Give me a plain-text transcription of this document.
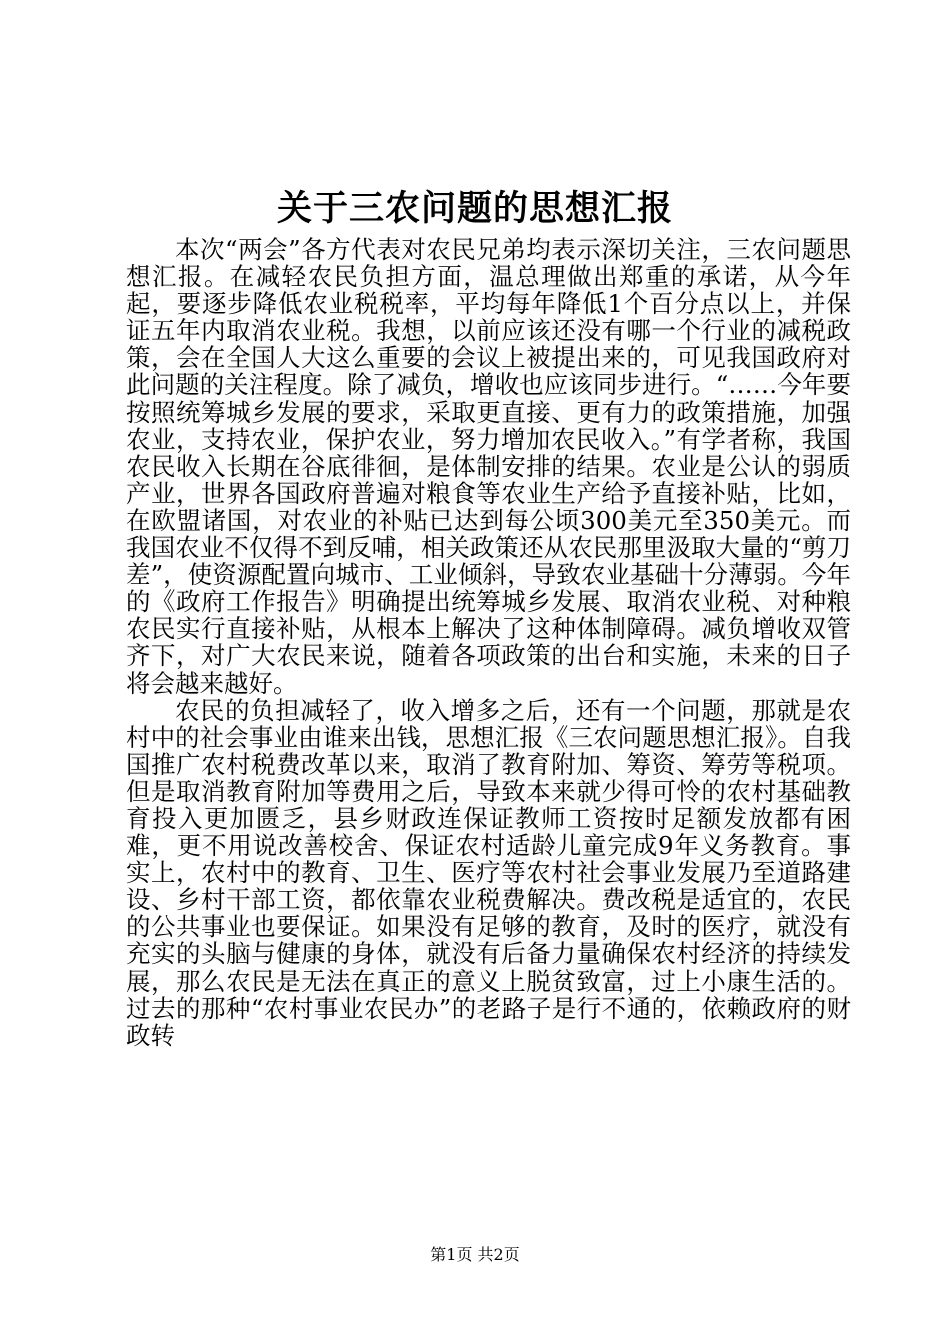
关于三农问题的思想汇报

本次“两会”各方代表对农民兄弟均表示深切关注，三农问题思想汇报。在减轻农民负担方面，温总理做出郑重的承诺，从今年起，要逐步降低农业税税率，平均每年降低1个百分点以上，并保证五年内取消农业税。我想，以前应该还没有哪一个行业的减税政策，会在全国人大这么重要的会议上被提出来的，可见我国政府对此问题的关注程度。除了减负，增收也应该同步进行。“……今年要按照统筹城乡发展的要求，采取更直接、更有力的政策措施，加强农业，支持农业，保护农业，努力增加农民收入。”有学者称，我国农民收入长期在谷底徘徊，是体制安排的结果。农业是公认的弱质产业，世界各国政府普遍对粮食等农业生产给予直接补贴，比如，在欧盟诸国，对农业的补贴已达到每公顷300美元至350美元。而我国农业不仅得不到反哺，相关政策还从农民那里汲取大量的“剪刀差”，使资源配置向城市、工业倾斜，导致农业基础十分薄弱。今年的《政府工作报告》明确提出统筹城乡发展、取消农业税、对种粮农民实行直接补贴，从根本上解决了这种体制障碍。减负增收双管齐下，对广大农民来说，随着各项政策的出台和实施，未来的日子将会越来越好。

农民的负担减轻了，收入增多之后，还有一个问题，那就是农村中的社会事业由谁来出钱，思想汇报《三农问题思想汇报》。自我国推广农村税费改革以来，取消了教育附加、筹资、筹劳等税项。但是取消教育附加等费用之后，导致本来就少得可怜的农村基础教育投入更加匮乏，县乡财政连保证教师工资按时足额发放都有困难，更不用说改善校舍、保证农村适龄儿童完成9年义务教育。事实上，农村中的教育、卫生、医疗等农村社会事业发展乃至道路建设、乡村干部工资，都依靠农业税费解决。费改税是适宜的，农民的公共事业也要保证。如果没有足够的教育，及时的医疗，就没有充实的头脑与健康的身体，就没有后备力量确保农村经济的持续发展，那么农民是无法在真正的意义上脱贫致富，过上小康生活的。过去的那种“农村事业农民办”的老路子是行不通的，依赖政府的财政转

第1页 共2页
